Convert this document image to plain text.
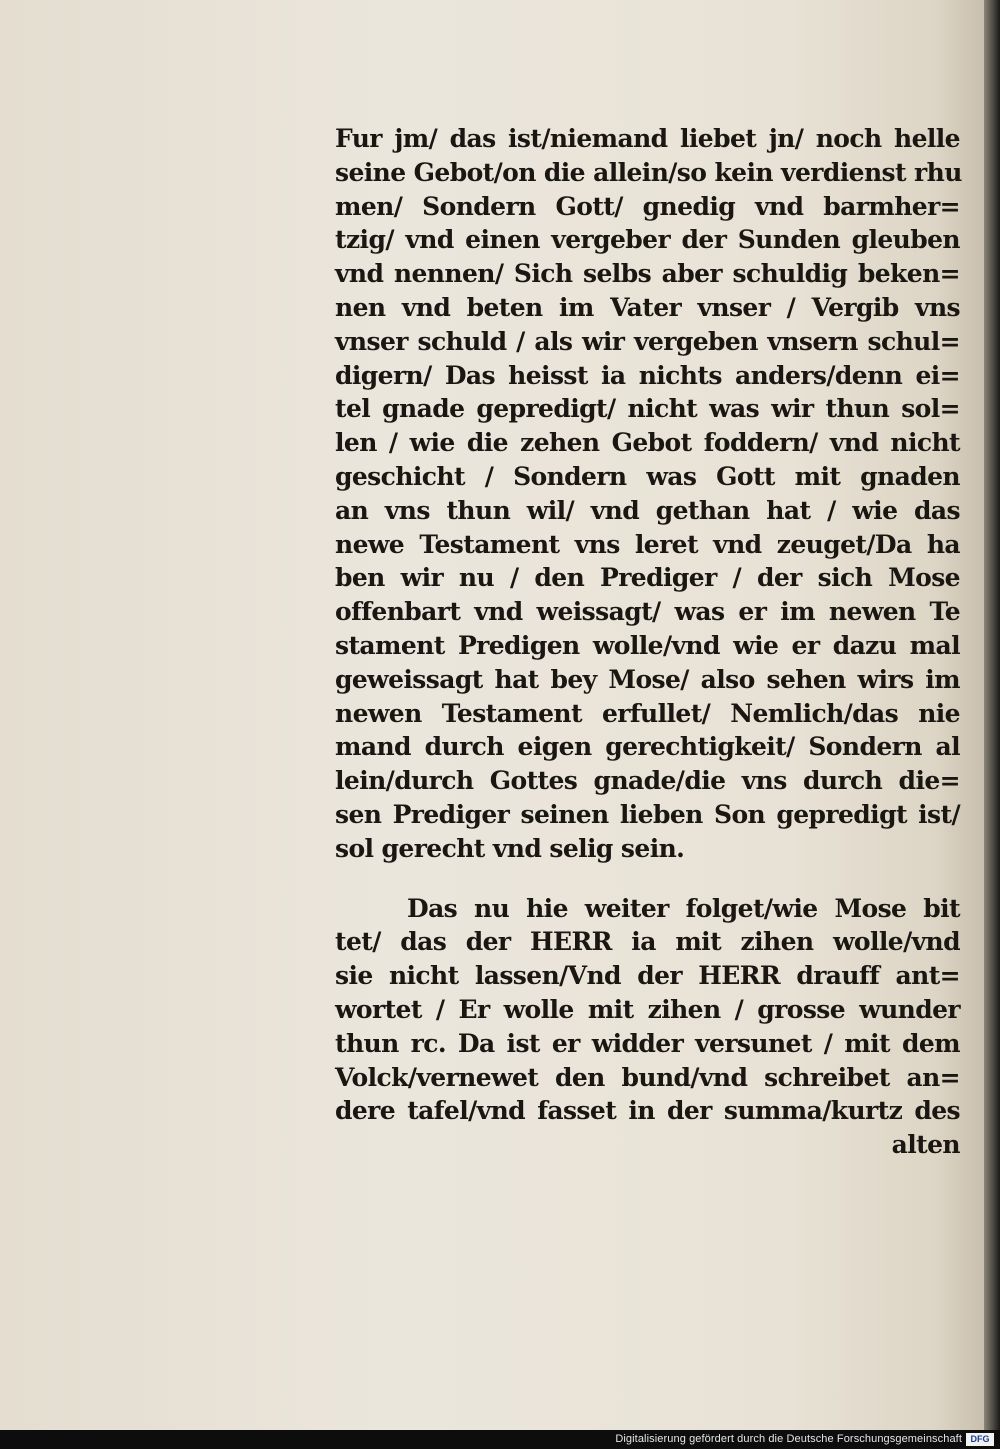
Fur jm/ das ist/niemand liebet jn/ noch helle
seine Gebot/on die allein/so kein verdienst rhu
men/ Sondern Gott/ gnedig vnd barmher=
tzig/ vnd einen vergeber der Sunden gleuben
vnd nennen/ Sich selbs aber schuldig beken=
nen vnd beten im Vater vnser / Vergib vns
vnser schuld / als wir vergeben vnsern schul=
digern/ Das heisst ia nichts anders/denn ei=
tel gnade gepredigt/ nicht was wir thun sol=
len / wie die zehen Gebot foddern/ vnd nicht
geschicht / Sondern was Gott mit gnaden
an vns thun wil/ vnd gethan hat / wie das
newe Testament vns leret vnd zeuget/Da ha
ben wir nu / den Prediger / der sich Mose
offenbart vnd weissagt/ was er im newen Te
stament Predigen wolle/vnd wie er dazu mal
geweissagt hat bey Mose/ also sehen wirs im
newen Testament erfullet/ Nemlich/das nie
mand durch eigen gerechtigkeit/ Sondern al
lein/durch Gottes gnade/die vns durch die=
sen Prediger seinen lieben Son gepredigt ist/
sol gerecht vnd selig sein.
Das nu hie weiter folget/wie Mose bit
tet/ das der HERR ia mit zihen wolle/vnd
sie nicht lassen/Vnd der HERR drauff ant=
wortet / Er wolle mit zihen / grosse wunder
thun rc. Da ist er widder versunet / mit dem
Volck/vernewet den bund/vnd schreibet an=
dere tafel/vnd fasset in der summa/kurtz des
alten
Digitalisierung gefördert durch die Deutsche Forschungsgemeinschaft DFG
